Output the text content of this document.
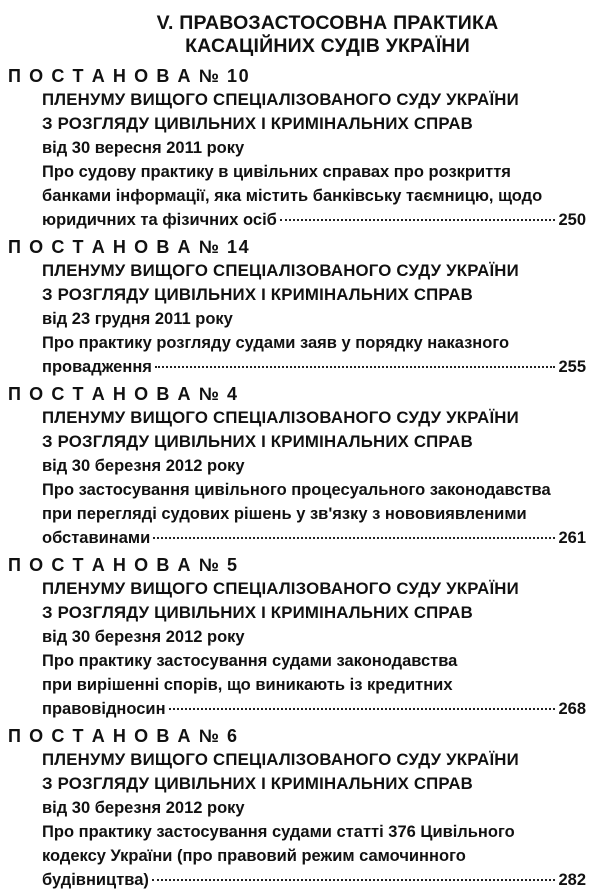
V. ПРАВОЗАСТОСОВНА ПРАКТИКА
КАСАЦІЙНИХ СУДІВ УКРАЇНИ
П О С Т А Н О В А № 10
ПЛЕНУМУ ВИЩОГО СПЕЦІАЛІЗОВАНОГО СУДУ УКРАЇНИ
З РОЗГЛЯДУ ЦИВІЛЬНИХ І КРИМІНАЛЬНИХ СПРАВ
від 30 вересня 2011 року
Про судову практику в цивільних справах про розкриття
банками інформації, яка містить банківську таємницю, щодо
юридичних та фізичних осіб	250
П О С Т А Н О В А № 14
ПЛЕНУМУ ВИЩОГО СПЕЦІАЛІЗОВАНОГО СУДУ УКРАЇНИ
З РОЗГЛЯДУ ЦИВІЛЬНИХ І КРИМІНАЛЬНИХ СПРАВ
від 23 грудня 2011 року
Про практику розгляду судами заяв у порядку наказного
провадження	255
П О С Т А Н О В А № 4
ПЛЕНУМУ ВИЩОГО СПЕЦІАЛІЗОВАНОГО СУДУ УКРАЇНИ
З РОЗГЛЯДУ ЦИВІЛЬНИХ І КРИМІНАЛЬНИХ СПРАВ
від 30 березня 2012 року
Про застосування цивільного процесуального законодавства
при перегляді судових рішень у зв'язку з нововиявленими
обставинами	261
П О С Т А Н О В А № 5
ПЛЕНУМУ ВИЩОГО СПЕЦІАЛІЗОВАНОГО СУДУ УКРАЇНИ
З РОЗГЛЯДУ ЦИВІЛЬНИХ І КРИМІНАЛЬНИХ СПРАВ
від 30 березня 2012 року
Про практику застосування судами законодавства
при вирішенні спорів, що виникають із кредитних
правовідносин	268
П О С Т А Н О В А № 6
ПЛЕНУМУ ВИЩОГО СПЕЦІАЛІЗОВАНОГО СУДУ УКРАЇНИ
З РОЗГЛЯДУ ЦИВІЛЬНИХ І КРИМІНАЛЬНИХ СПРАВ
від 30 березня 2012 року
Про практику застосування судами статті 376 Цивільного
кодексу України (про правовий режим самочинного
будівництва)	282
